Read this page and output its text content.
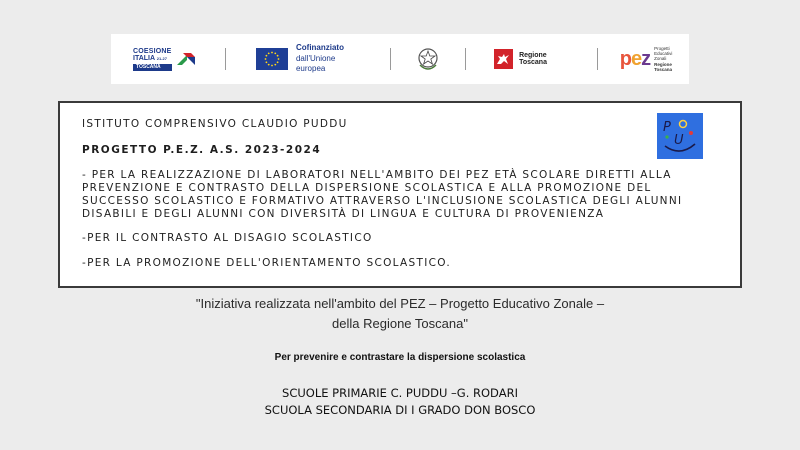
COESIONE
ITALIA 21-27
TOSCANA
Cofinanziato
dall'Unione europea
Regione Toscana	pez Progetti
Educativi
Zonali
Regione Toscana

ISTITUTO COMPRENSIVO CLAUDIO PUDDU

PROGETTO P.E.Z. A.S. 2023-2024

- PER LA REALIZZAZIONE DI LABORATORI NELL'AMBITO DEI PEZ ETÀ SCOLARE DIRETTI ALLA
PREVENZIONE E CONTRASTO DELLA DISPERSIONE SCOLASTICA E ALLA PROMOZIONE DEL
SUCCESSO SCOLASTICO E FORMATIVO ATTRAVERSO L'INCLUSIONE SCOLASTICA DEGLI ALUNNI
DISABILI E DEGLI ALUNNI CON DIVERSITÀ DI LINGUA E CULTURA DI PROVENIENZA

-PER IL CONTRASTO AL DISAGIO SCOLASTICO

-PER LA PROMOZIONE DELL'ORIENTAMENTO SCOLASTICO.

P
U
"Iniziativa realizzata nell'ambito del PEZ – Progetto Educativo Zonale –
della Regione Toscana"
Per prevenire e contrastare la dispersione scolastica
SCUOLE PRIMARIE C. PUDDU –G. RODARI
SCUOLA SECONDARIA DI I GRADO DON BOSCO
